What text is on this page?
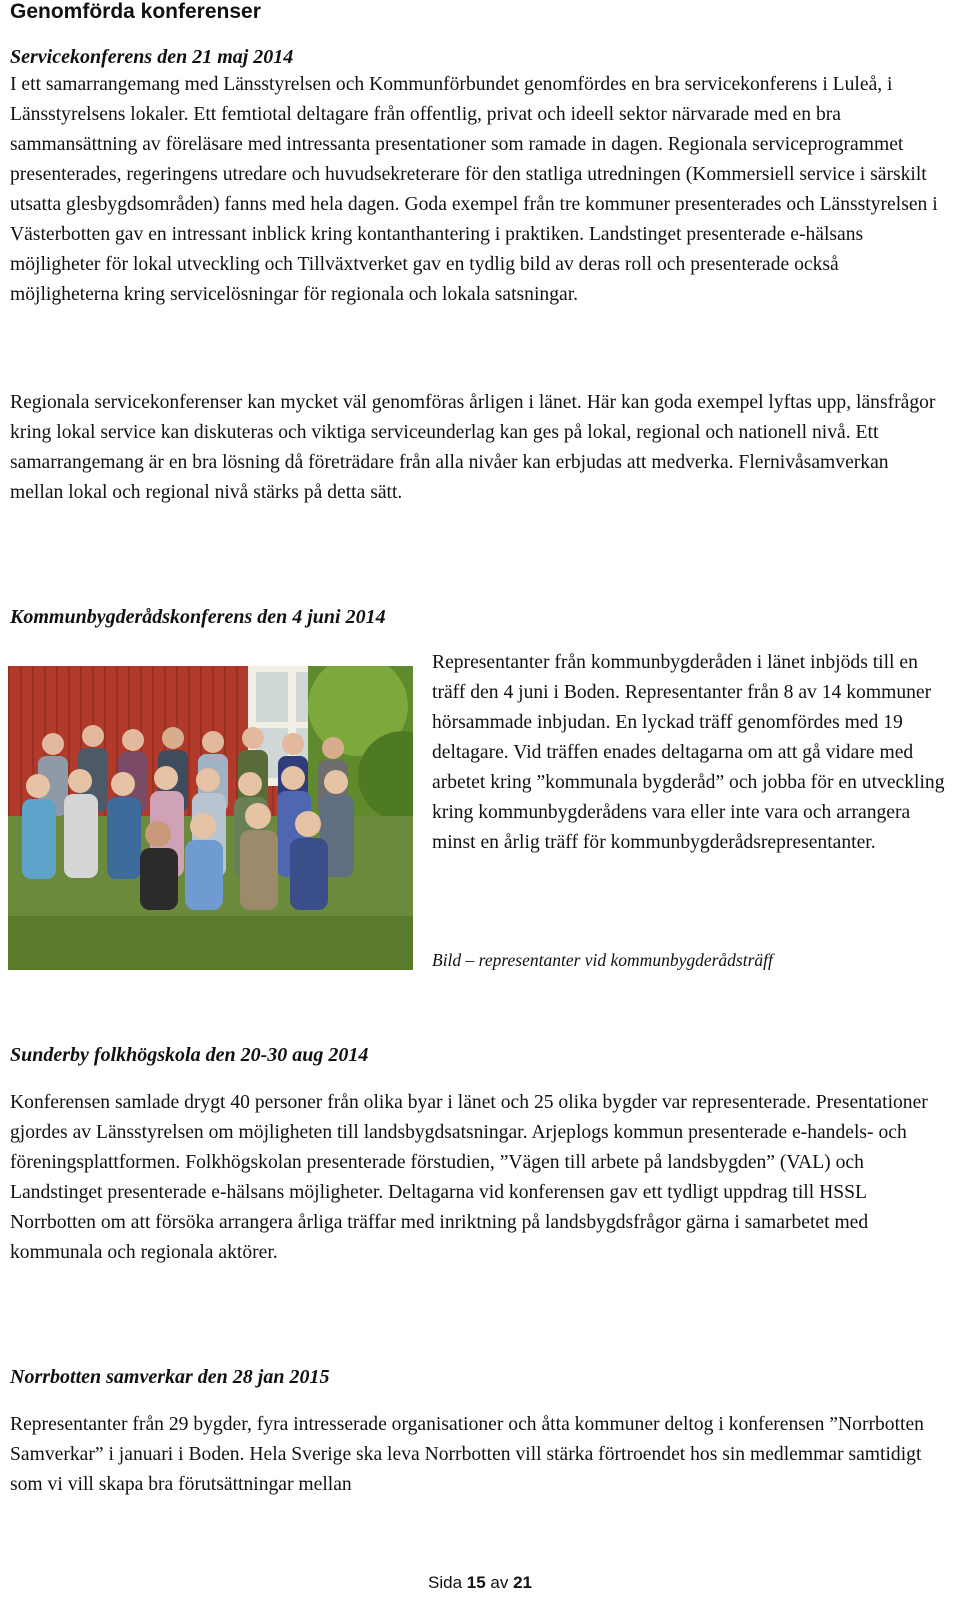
Genomförda konferenser
Servicekonferens den 21 maj 2014

I ett samarrangemang med Länsstyrelsen och Kommunförbundet genomfördes en bra servicekonferens i Luleå, i Länsstyrelsens lokaler. Ett femtiotal deltagare från offentlig, privat och ideell sektor närvarade med en bra sammansättning av föreläsare med intressanta presentationer som ramade in dagen. Regionala serviceprogrammet presenterades, regeringens utredare och huvudsekreterare för den statliga utredningen (Kommersiell service i särskilt utsatta glesbygdsområden) fanns med hela dagen. Goda exempel från tre kommuner presenterades och Länsstyrelsen i Västerbotten gav en intressant inblick kring kontanthantering i praktiken. Landstinget presenterade e-hälsans möjligheter för lokal utveckling och Tillväxtverket gav en tydlig bild av deras roll och presenterade också möjligheterna kring servicelösningar för regionala och lokala satsningar.

Regionala servicekonferenser kan mycket väl genomföras årligen i länet. Här kan goda exempel lyftas upp, länsfrågor kring lokal service kan diskuteras och viktiga serviceunderlag kan ges på lokal, regional och nationell nivå. Ett samarrangemang är en bra lösning då företrädare från alla nivåer kan erbjudas att medverka. Flernivåsamverkan mellan lokal och regional nivå stärks på detta sätt.

Kommunbygderådskonferens den 4 juni 2014

Representanter från kommunbygderåden i länet inbjöds till en träff den 4 juni i Boden. Representanter från 8 av 14 kommuner hörsammade inbjudan. En lyckad träff genomfördes med 19 deltagare. Vid träffen enades deltagarna om att gå vidare med arbetet kring ”kommunala bygderåd” och jobba för en utveckling kring kommunbygderådens vara eller inte vara och arrangera minst en årlig träff för kommunbygderådsrepresentanter.

Bild – representanter vid kommunbygderådsträff

Sunderby folkhögskola den 20-30 aug 2014

Konferensen samlade drygt 40 personer från olika byar i länet och 25 olika bygder var representerade. Presentationer gjordes av Länsstyrelsen om möjligheten till landsbygdsatsningar. Arjeplogs kommun presenterade e-handels- och föreningsplattformen. Folkhögskolan presenterade förstudien, ”Vägen till arbete på landsbygden” (VAL) och Landstinget presenterade e-hälsans möjligheter. Deltagarna vid konferensen gav ett tydligt uppdrag till HSSL Norrbotten om att försöka arrangera årliga träffar med inriktning på landsbygdsfrågor gärna i samarbetet med kommunala och regionala aktörer.

Norrbotten samverkar den 28 jan 2015

Representanter från 29 bygder, fyra intresserade organisationer och åtta kommuner deltog i konferensen ”Norrbotten Samverkar” i januari i Boden. Hela Sverige ska leva Norrbotten vill stärka förtroendet hos sin medlemmar samtidigt som vi vill skapa bra förutsättningar mellan

Sida 15 av 21
